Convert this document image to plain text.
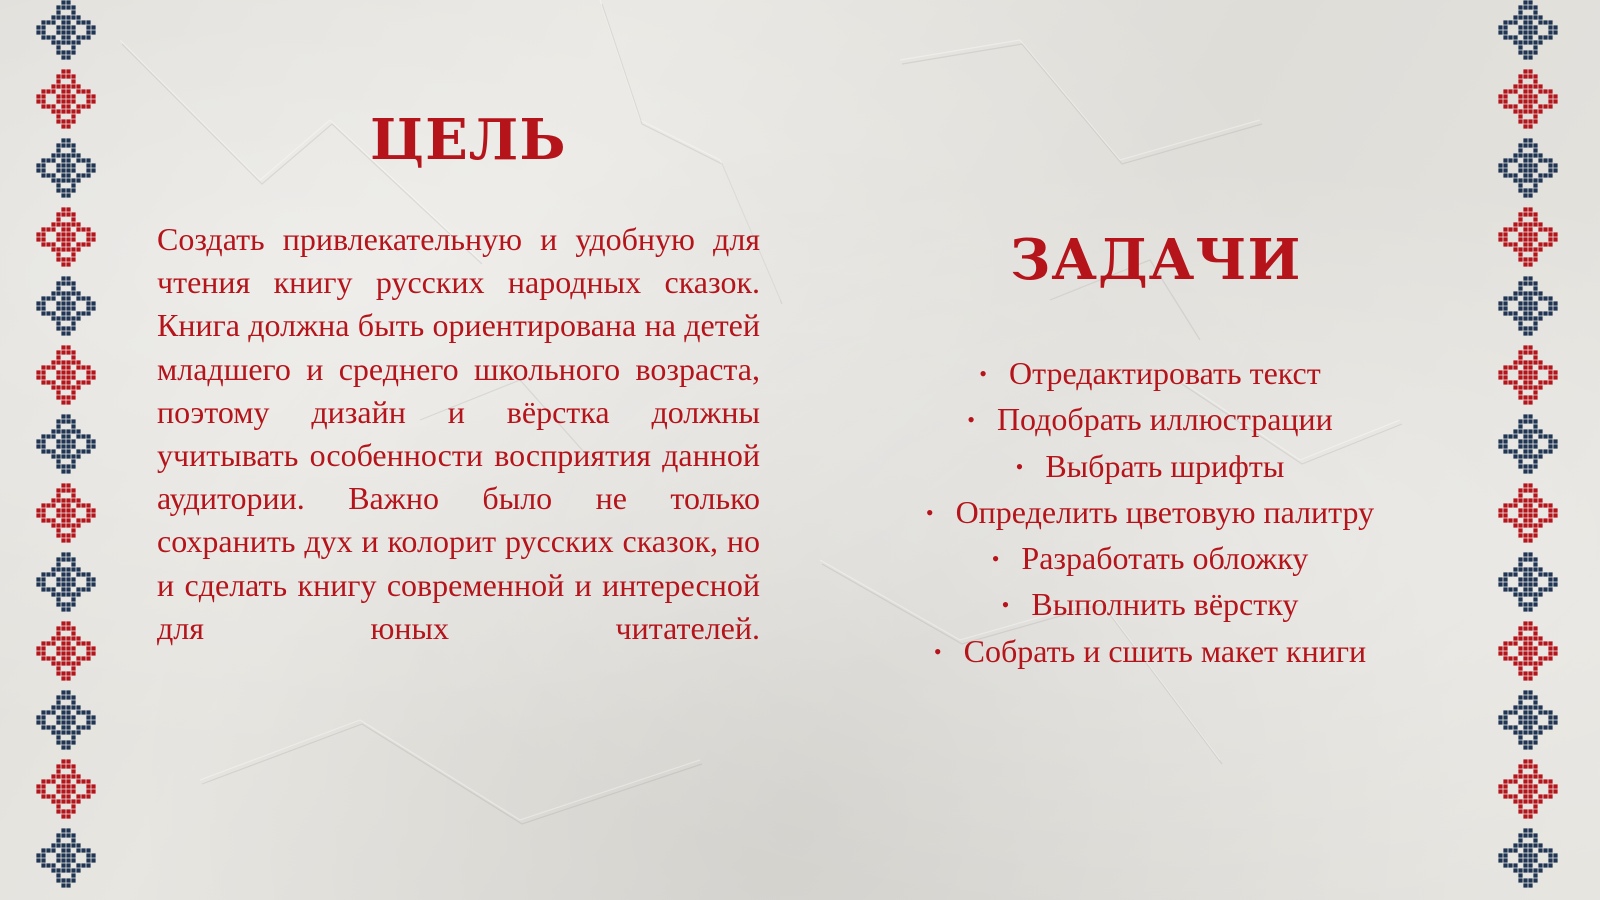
ЦЕЛЬ
Создать привлекательную и удобную для чтения книгу русских народных сказок. Книга должна быть ориентирована на детей младшего и среднего школьного возраста, поэтому дизайн и вёрстка должны учитывать особенности восприятия данной аудитории. Важно было не только сохранить дух и колорит русских сказок, но и сделать книгу современной и интересной для юных читателей.
ЗАДАЧИ
• Отредактировать текст
• Подобрать иллюстрации
• Выбрать шрифты
• Определить цветовую палитру
• Разработать обложку
• Выполнить вёрстку
• Собрать и сшить макет книги
